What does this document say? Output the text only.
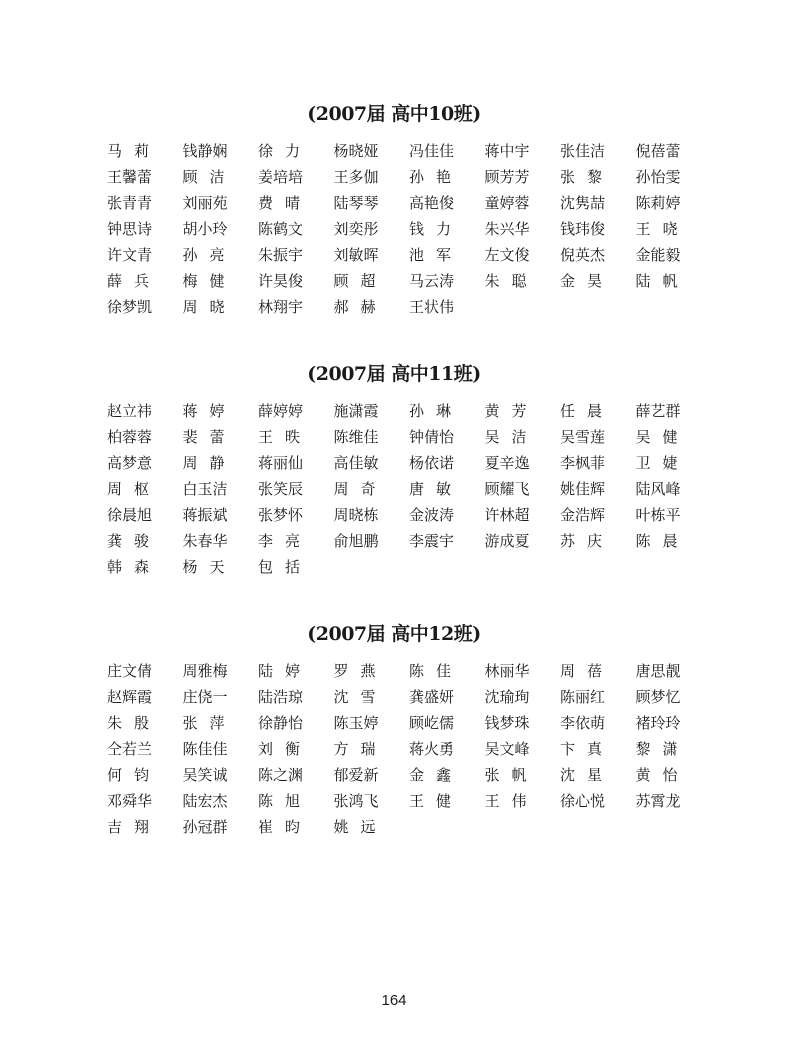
(2007届 高中10班)
马莉	钱静娴	徐力	杨晓娅	冯佳佳	蒋中宇	张佳洁	倪蓓蕾
王馨蕾	顾洁	姜培培	王多伽	孙艳	顾芳芳	张黎	孙怡雯
张青青	刘丽苑	费晴	陆琴琴	高艳俊	童婷蓉	沈隽喆	陈莉婷
钟思诗	胡小玲	陈鹤文	刘奕彤	钱力	朱兴华	钱玮俊	王哓
许文青	孙亮	朱振宇	刘敏晖	池军	左文俊	倪英杰	金能毅
薛兵	梅健	许昊俊	顾超	马云涛	朱聪	金昊	陆帆
徐梦凯	周晓	林翔宇	郝赫	王状伟
(2007届 高中11班)
赵立祎	蒋婷	薛婷婷	施潇霞	孙琳	黄芳	任晨	薛艺群
柏蓉蓉	裴蕾	王昳	陈维佳	钟倩怡	吴洁	吴雪莲	吴健
高梦意	周静	蒋丽仙	高佳敏	杨依诺	夏辛逸	李枫菲	卫婕
周枢	白玉洁	张笑辰	周奇	唐敏	顾耀飞	姚佳辉	陆风峰
徐晨旭	蒋振斌	张梦怀	周晓栋	金波涛	许林超	金浩辉	叶栋平
龚骏	朱春华	李亮	俞旭鹏	李震宇	游成夏	苏庆	陈晨
韩森	杨天	包括
(2007届 高中12班)
庄文倩	周雅梅	陆婷	罗燕	陈佳	林丽华	周蓓	唐思靓
赵辉霞	庄侥一	陆浩琼	沈雪	龚盛妍	沈瑜珣	陈丽红	顾梦忆
朱殷	张萍	徐静怡	陈玉婷	顾屹儒	钱梦珠	李依萌	褚玲玲
仝若兰	陈佳佳	刘衡	方瑞	蒋火勇	吴文峰	卞真	黎潇
何钧	吴笑诚	陈之渊	郁爱新	金鑫	张帆	沈星	黄怡
邓舜华	陆宏杰	陈旭	张鸿飞	王健	王伟	徐心悦	苏霄龙
吉翔	孙冠群	崔昀	姚远
164
